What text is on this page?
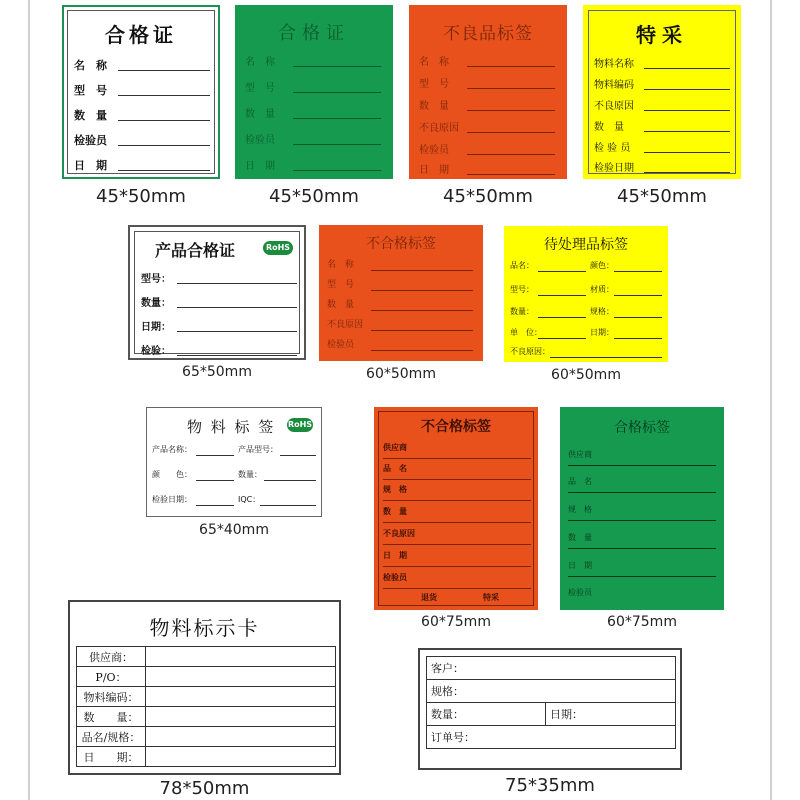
合格证
名　称
型　号
数　量
检验员
日　期
45*50mm
合格证
名　称
型　号
数　量
检验员
日　期
45*50mm
不良品标签
名　称
型　号
数　量
不良原因
检验员
日　期
45*50mm
特采
物料名称
物料编码
不良原因
数　量
检 验 员
检验日期
45*50mm
产品合格证	RoHS
型号：
数量：
日期：
检验：
65*50mm
不合格标签
名　称
型　号
数　量
不良原因
检验员
60*50mm
待处理品标签
品名：	颜色：
型号：	材质：
数量：	规格：
单　位：	日期：
不良原因：
60*50mm
物 料 标 签 RoHS
产品名称：	产品型号：
颜　　色：	数量：
检验日期：	IQC：
65*40mm
不合格标签
供应商
品　名
规　格
数　量
不良原因
日　期
检验员
退货	特采
60*75mm
合格标签
供应商
品　名
规　格
数　量
日　期
检验员
60*75mm
物料标示卡
供应商：	
P/O：	
物料编码：	
数　　量：	
品名/规格：	
日　　期：	
78*50mm
客户：
规格：
数量：	日期：
订单号：
75*35mm
